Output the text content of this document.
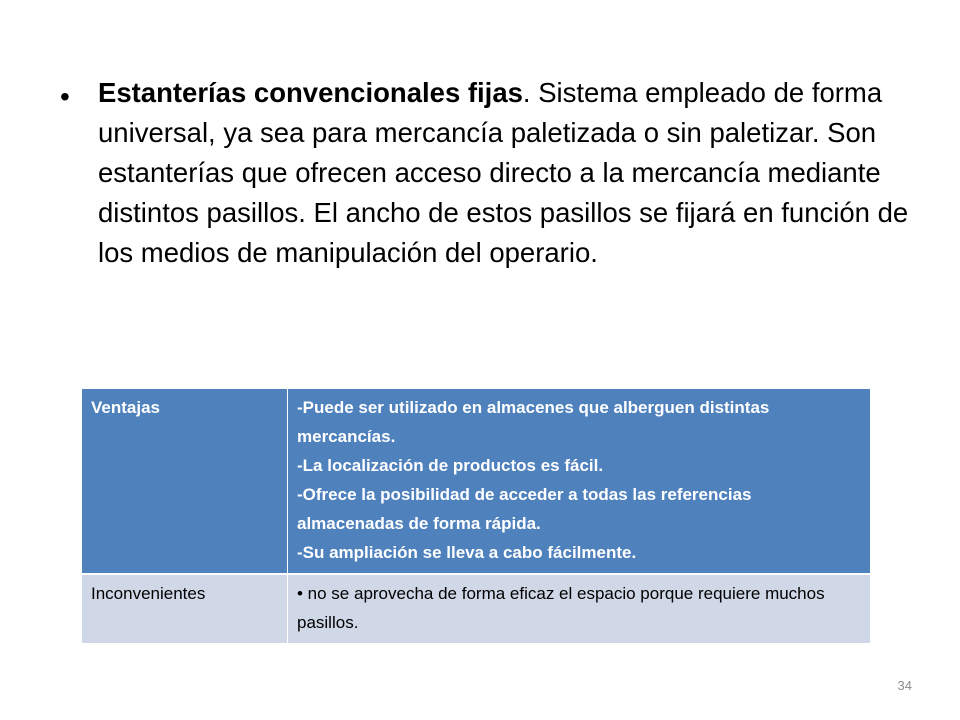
• Estanterías convencionales fijas. Sistema empleado de forma universal, ya sea para mercancía paletizada o sin paletizar. Son estanterías que ofrecen acceso directo a la mercancía mediante distintos pasillos. El ancho de estos pasillos se fijará en función de los medios de manipulación del operario.
Ventajas	-Puede ser utilizado en almacenes que alberguen distintas mercancías.
-La localización de productos es fácil.
-Ofrece la posibilidad de acceder a todas las referencias almacenadas de forma rápida.
-Su ampliación se lleva a cabo fácilmente.

Inconvenientes	• no se aprovecha de forma eficaz el espacio porque requiere muchos pasillos.
34
